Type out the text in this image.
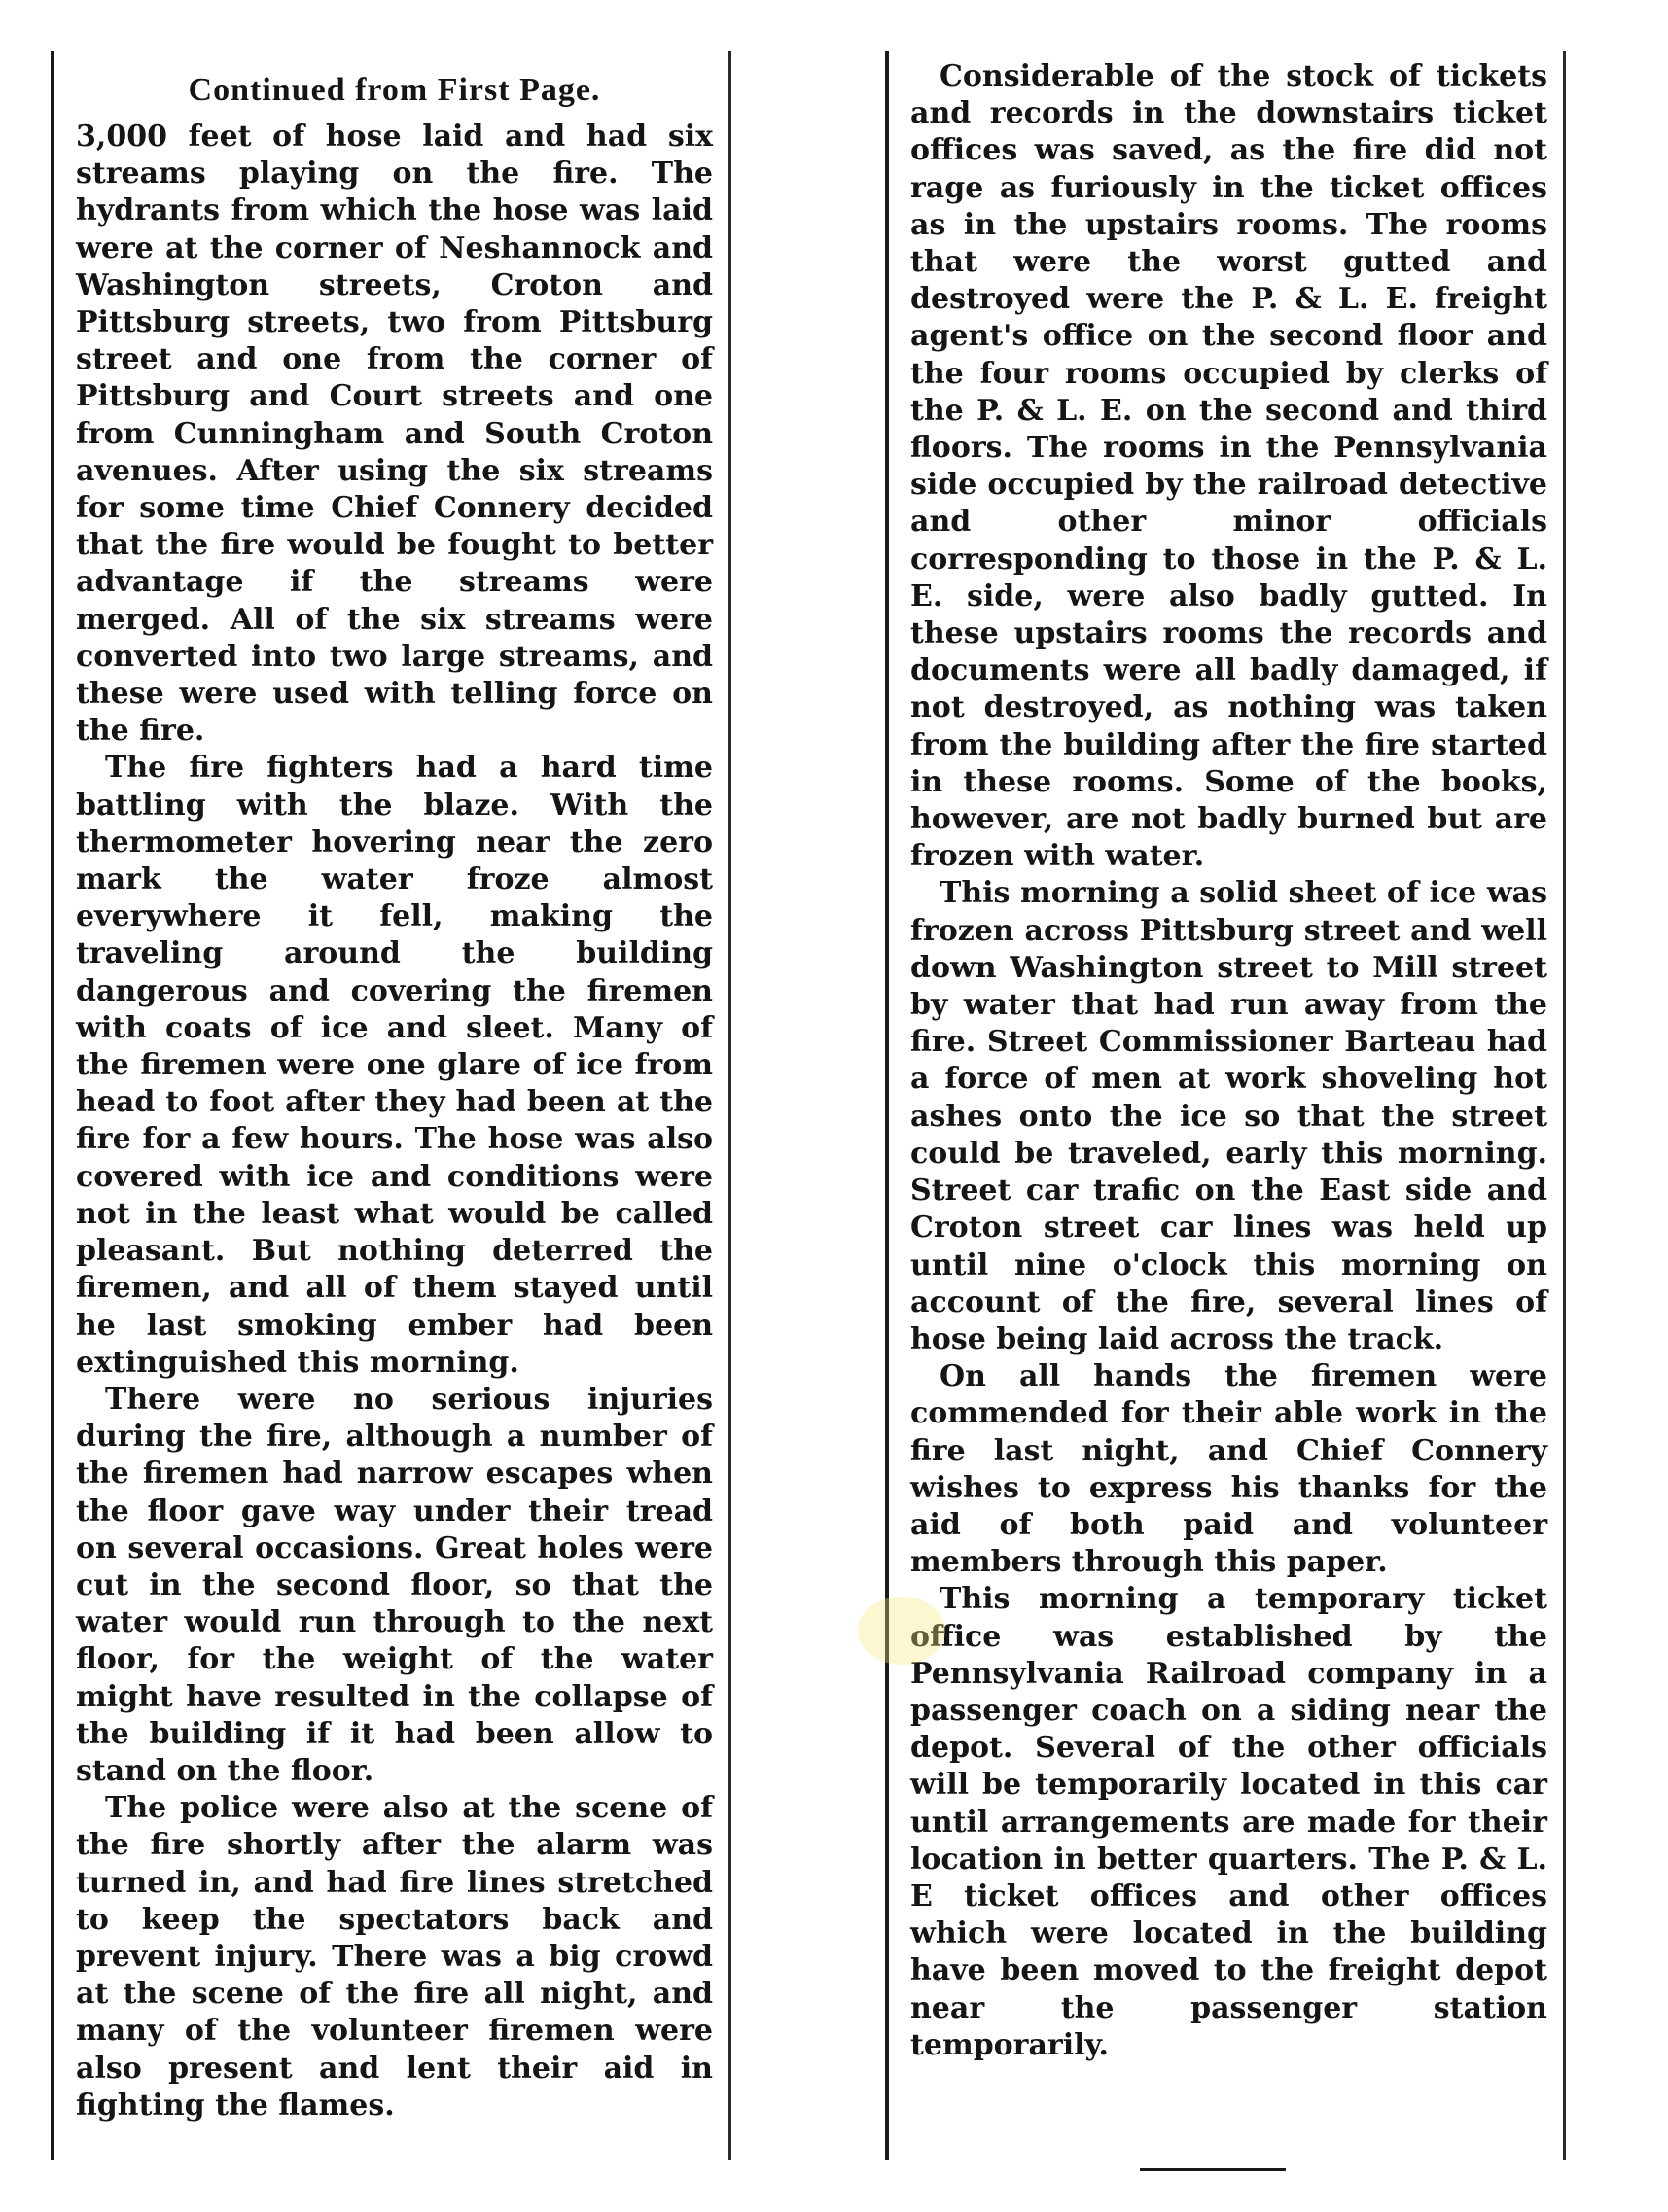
Continued from First Page.

3,000 feet of hose laid and had six streams playing on the fire. The hydrants from which the hose was laid were at the corner of Neshannock and Washington streets, Croton and Pittsburg streets, two from Pittsburg street and one from the corner of Pittsburg and Court streets and one from Cunningham and South Croton avenues. After using the six streams for some time Chief Connery decided that the fire would be fought to better advantage if the streams were merged. All of the six streams were converted into two large streams, and these were used with telling force on the fire.

The fire fighters had a hard time battling with the blaze. With the thermometer hovering near the zero mark the water froze almost everywhere it fell, making the traveling around the building dangerous and covering the firemen with coats of ice and sleet. Many of the firemen were one glare of ice from head to foot after they had been at the fire for a few hours. The hose was also covered with ice and conditions were not in the least what would be called pleasant. But nothing deterred the firemen, and all of them stayed until he last smoking ember had been extinguished this morning.

There were no serious injuries during the fire, although a number of the firemen had narrow escapes when the floor gave way under their tread on several occasions. Great holes were cut in the second floor, so that the water would run through to the next floor, for the weight of the water might have resulted in the collapse of the building if it had been allow to stand on the floor.

The police were also at the scene of the fire shortly after the alarm was turned in, and had fire lines stretched to keep the spectators back and prevent injury. There was a big crowd at the scene of the fire all night, and many of the volunteer firemen were also present and lent their aid in fighting the flames.

Considerable of the stock of tickets and records in the downstairs ticket offices was saved, as the fire did not rage as furiously in the ticket offices as in the upstairs rooms. The rooms that were the worst gutted and destroyed were the P. & L. E. freight agent's office on the second floor and the four rooms occupied by clerks of the P. & L. E. on the second and third floors. The rooms in the Pennsylvania side occupied by the railroad detective and other minor officials corresponding to those in the P. & L. E. side, were also badly gutted. In these upstairs rooms the records and documents were all badly damaged, if not destroyed, as nothing was taken from the building after the fire started in these rooms. Some of the books, however, are not badly burned but are frozen with water.

This morning a solid sheet of ice was frozen across Pittsburg street and well down Washington street to Mill street by water that had run away from the fire. Street Commissioner Barteau had a force of men at work shoveling hot ashes onto the ice so that the street could be traveled, early this morning. Street car trafic on the East side and Croton street car lines was held up until nine o'clock this morning on account of the fire, several lines of hose being laid across the track.

On all hands the firemen were commended for their able work in the fire last night, and Chief Connery wishes to express his thanks for the aid of both paid and volunteer members through this paper.

This morning a temporary ticket office was established by the Pennsylvania Railroad company in a passenger coach on a siding near the depot. Several of the other officials will be temporarily located in this car until arrangements are made for their location in better quarters. The P. & L. E ticket offices and other offices which were located in the building have been moved to the freight depot near the passenger station temporarily.
